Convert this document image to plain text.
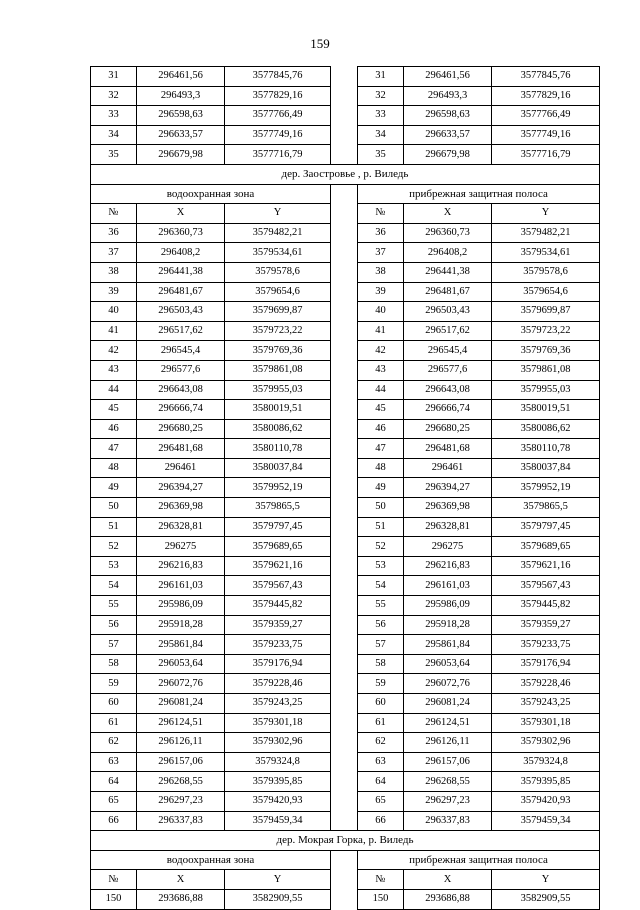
159
31	296461,56	3577845,76		31	296461,56	3577845,76
32	296493,3	3577829,16		32	296493,3	3577829,16
33	296598,63	3577766,49		33	296598,63	3577766,49
34	296633,57	3577749,16		34	296633,57	3577749,16
35	296679,98	3577716,79		35	296679,98	3577716,79
дер. Заостровье , р. Виледь						
водоохранная зона				прибрежная защитная полоса		
№	X	Y		№	X	Y
36	296360,73	3579482,21		36	296360,73	3579482,21
37	296408,2	3579534,61		37	296408,2	3579534,61
38	296441,38	3579578,6		38	296441,38	3579578,6
39	296481,67	3579654,6		39	296481,67	3579654,6
40	296503,43	3579699,87		40	296503,43	3579699,87
41	296517,62	3579723,22		41	296517,62	3579723,22
42	296545,4	3579769,36		42	296545,4	3579769,36
43	296577,6	3579861,08		43	296577,6	3579861,08
44	296643,08	3579955,03		44	296643,08	3579955,03
45	296666,74	3580019,51		45	296666,74	3580019,51
46	296680,25	3580086,62		46	296680,25	3580086,62
47	296481,68	3580110,78		47	296481,68	3580110,78
48	296461	3580037,84		48	296461	3580037,84
49	296394,27	3579952,19		49	296394,27	3579952,19
50	296369,98	3579865,5		50	296369,98	3579865,5
51	296328,81	3579797,45		51	296328,81	3579797,45
52	296275	3579689,65		52	296275	3579689,65
53	296216,83	3579621,16		53	296216,83	3579621,16
54	296161,03	3579567,43		54	296161,03	3579567,43
55	295986,09	3579445,82		55	295986,09	3579445,82
56	295918,28	3579359,27		56	295918,28	3579359,27
57	295861,84	3579233,75		57	295861,84	3579233,75
58	296053,64	3579176,94		58	296053,64	3579176,94
59	296072,76	3579228,46		59	296072,76	3579228,46
60	296081,24	3579243,25		60	296081,24	3579243,25
61	296124,51	3579301,18		61	296124,51	3579301,18
62	296126,11	3579302,96		62	296126,11	3579302,96
63	296157,06	3579324,8		63	296157,06	3579324,8
64	296268,55	3579395,85		64	296268,55	3579395,85
65	296297,23	3579420,93		65	296297,23	3579420,93
66	296337,83	3579459,34		66	296337,83	3579459,34
дер. Мокрая Горка, р. Виледь						
водоохранная зона				прибрежная защитная полоса		
№	X	Y		№	X	Y
150	293686,88	3582909,55		150	293686,88	3582909,55
